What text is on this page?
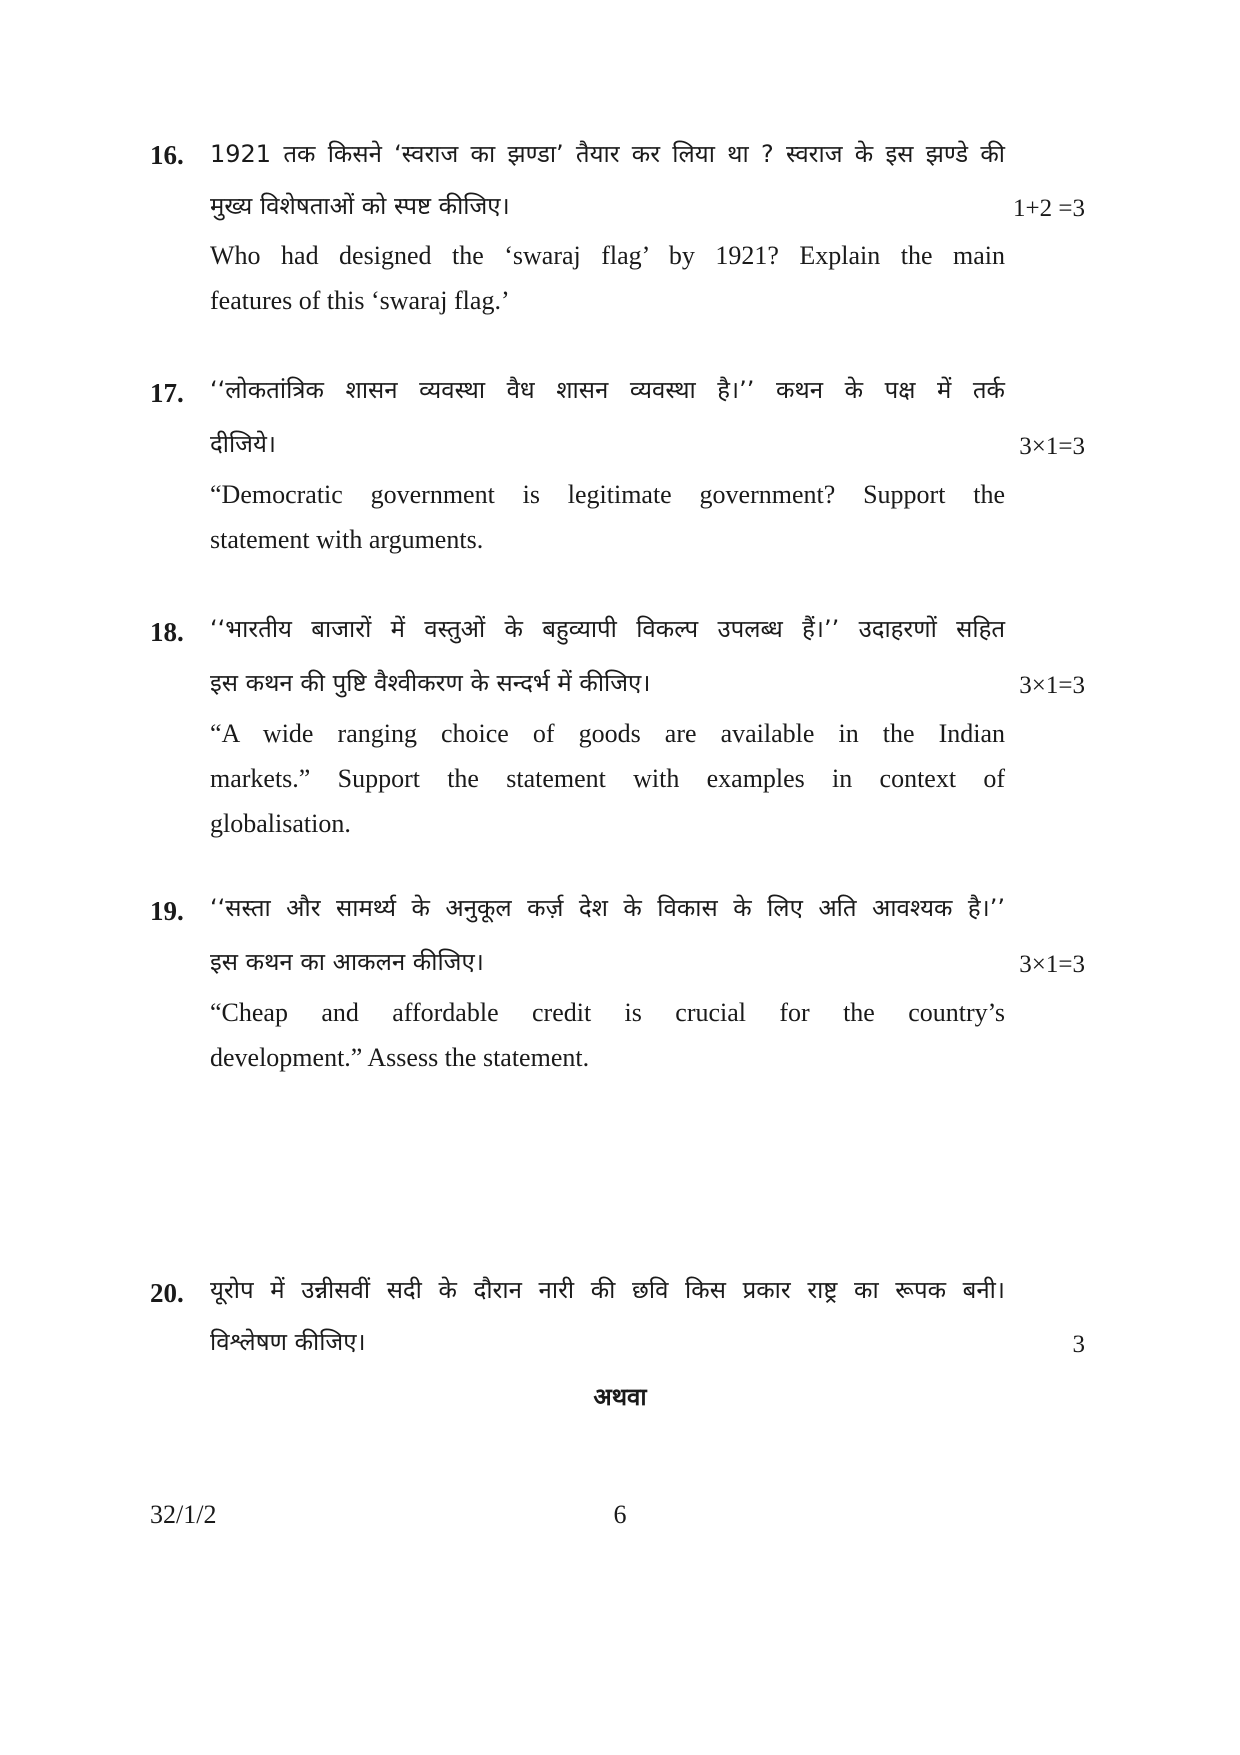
16. 1921 तक किसने ‘स्वराज का झण्डा’ तैयार कर लिया था ? स्वराज के इस झण्डे की
मुख्य विशेषताओं को स्पष्ट कीजिए।	1+2 =3
Who had designed the ‘swaraj flag’ by 1921? Explain the main
features of this ‘swaraj flag.’
17. ‘‘लोकतांत्रिक शासन व्यवस्था वैध शासन व्यवस्था है।’’ कथन के पक्ष में तर्क
दीजिये।	3×1=3
“Democratic government is legitimate government? Support the
statement with arguments.
18. ‘‘भारतीय बाजारों में वस्तुओं के बहुव्यापी विकल्प उपलब्ध हैं।’’ उदाहरणों सहित
इस कथन की पुष्टि वैश्वीकरण के सन्दर्भ में कीजिए।	3×1=3
“A wide ranging choice of goods are available in the Indian
markets.” Support the statement with examples in context of
globalisation.
19. ‘‘सस्ता और सामर्थ्य के अनुकूल कर्ज़ देश के विकास के लिए अति आवश्यक है।’’
इस कथन का आकलन कीजिए।	3×1=3
“Cheap and affordable credit is crucial for the country’s
development.” Assess the statement.
20. यूरोप में उन्नीसवीं सदी के दौरान नारी की छवि किस प्रकार राष्ट्र का रूपक बनी।
विश्लेषण कीजिए।	3
अथवा
32/1/2	6
